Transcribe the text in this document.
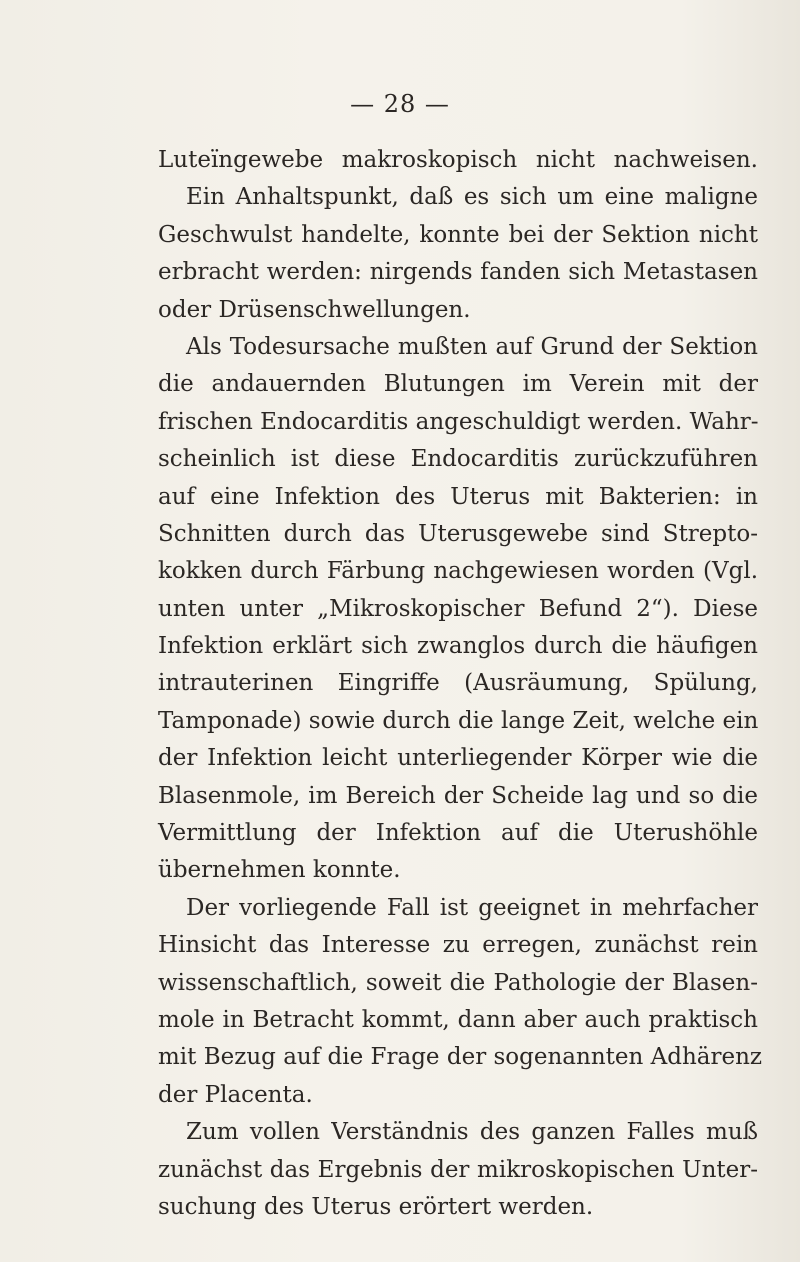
— 28 —
Luteïngewebe makroskopisch nicht nachweisen.
Ein Anhaltspunkt, daß es sich um eine maligne
Geschwulst handelte, konnte bei der Sektion nicht
erbracht werden: nirgends fanden sich Metastasen
oder Drüsenschwellungen.
Als Todesursache mußten auf Grund der Sektion
die andauernden Blutungen im Verein mit der
frischen Endocarditis angeschuldigt werden. Wahr-
scheinlich ist diese Endocarditis zurückzuführen
auf eine Infektion des Uterus mit Bakterien: in
Schnitten durch das Uterusgewebe sind Strepto-
kokken durch Färbung nachgewiesen worden (Vgl.
unten unter „Mikroskopischer Befund 2“). Diese
Infektion erklärt sich zwanglos durch die häufigen
intrauterinen Eingriffe (Ausräumung, Spülung,
Tamponade) sowie durch die lange Zeit, welche ein
der Infektion leicht unterliegender Körper wie die
Blasenmole, im Bereich der Scheide lag und so die
Vermittlung der Infektion auf die Uterushöhle
übernehmen konnte.
Der vorliegende Fall ist geeignet in mehrfacher
Hinsicht das Interesse zu erregen, zunächst rein
wissenschaftlich, soweit die Pathologie der Blasen-
mole in Betracht kommt, dann aber auch praktisch
mit Bezug auf die Frage der sogenannten Adhärenz
der Placenta.
Zum vollen Verständnis des ganzen Falles muß
zunächst das Ergebnis der mikroskopischen Unter-
suchung des Uterus erörtert werden.
